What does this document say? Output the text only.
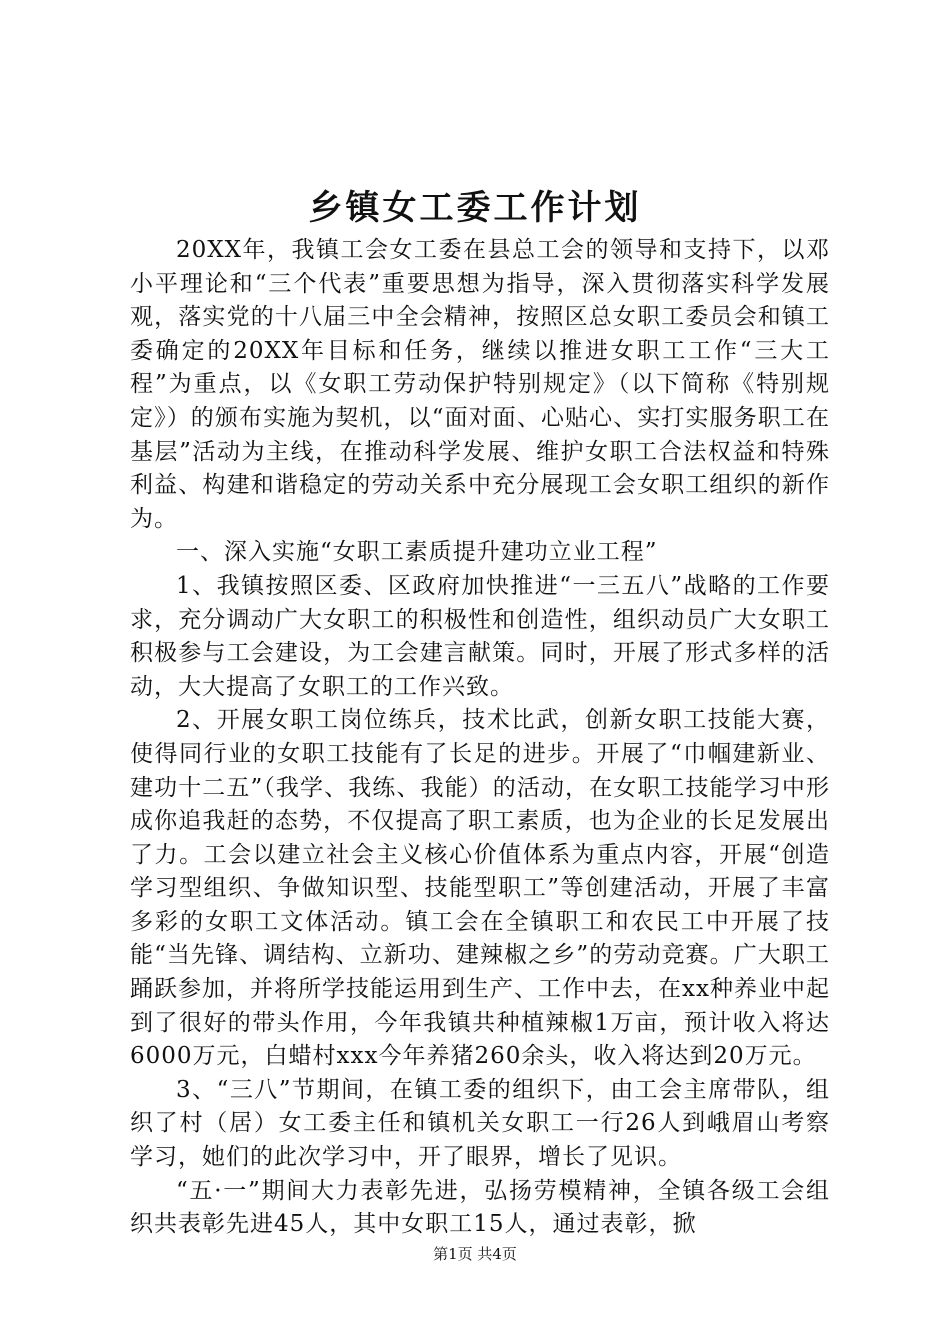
乡镇女工委工作计划

20XX年，我镇工会女工委在县总工会的领导和支持下，以邓小平理论和“三个代表”重要思想为指导，深入贯彻落实科学发展观，落实党的十八届三中全会精神，按照区总女职工委员会和镇工委确定的20XX年目标和任务，继续以推进女职工工作“三大工程”为重点，以《女职工劳动保护特别规定》（以下简称《特别规定》）的颁布实施为契机，以“面对面、心贴心、实打实服务职工在基层”活动为主线，在推动科学发展、维护女职工合法权益和特殊利益、构建和谐稳定的劳动关系中充分展现工会女职工组织的新作为。

一、深入实施“女职工素质提升建功立业工程”

1、我镇按照区委、区政府加快推进“一三五八”战略的工作要求，充分调动广大女职工的积极性和创造性，组织动员广大女职工积极参与工会建设，为工会建言献策。同时，开展了形式多样的活动，大大提高了女职工的工作兴致。

2、开展女职工岗位练兵，技术比武，创新女职工技能大赛，使得同行业的女职工技能有了长足的进步。开展了“巾帼建新业、建功十二五”（我学、我练、我能）的活动，在女职工技能学习中形成你追我赶的态势，不仅提高了职工素质，也为企业的长足发展出了力。工会以建立社会主义核心价值体系为重点内容，开展“创造学习型组织、争做知识型、技能型职工”等创建活动，开展了丰富多彩的女职工文体活动。镇工会在全镇职工和农民工中开展了技能“当先锋、调结构、立新功、建辣椒之乡”的劳动竞赛。广大职工踊跃参加，并将所学技能运用到生产、工作中去，在xx种养业中起到了很好的带头作用，今年我镇共种植辣椒1万亩，预计收入将达6000万元，白蜡村xxx今年养猪260余头，收入将达到20万元。

3、“三八”节期间，在镇工委的组织下，由工会主席带队，组织了村（居）女工委主任和镇机关女职工一行26人到峨眉山考察学习，她们的此次学习中，开了眼界，增长了见识。

“五·一”期间大力表彰先进，弘扬劳模精神，全镇各级工会组织共表彰先进45人，其中女职工15人，通过表彰，掀

第1页 共4页
